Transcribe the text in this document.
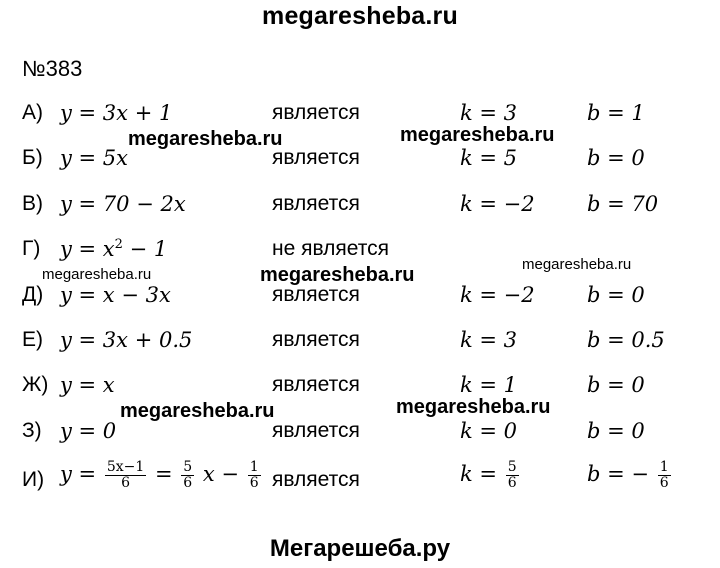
megaresheba.ru
№383
А) y = 3x + 1	является	k = 3	b = 1
Б) y = 5x	является	k = 5	b = 0
В) y = 70 − 2x	является	k = −2 b = 70
Г) $y = x^2 - 1$	не является
Д) y = x − 3x	является	k = −2 b = 0
Е) y = 3x + 0.5	является	k = 3	b = 0.5
Ж) y = x	является	k = 1	b = 0
З) y = 0	является	k = 0	b = 0
И) $y = \frac{5x-1}{6} = \frac{5}{6}$ $x - \frac{1}{6}$ является	$k = \frac{5}{6}$	b = − $\frac{1}{6}$
megaresheba.ru	megaresheba.ru
megaresheba.ru	megaresheba.ru	megaresheba.ru
megaresheba.ru	megaresheba.ru
Мегарешеба.ру
